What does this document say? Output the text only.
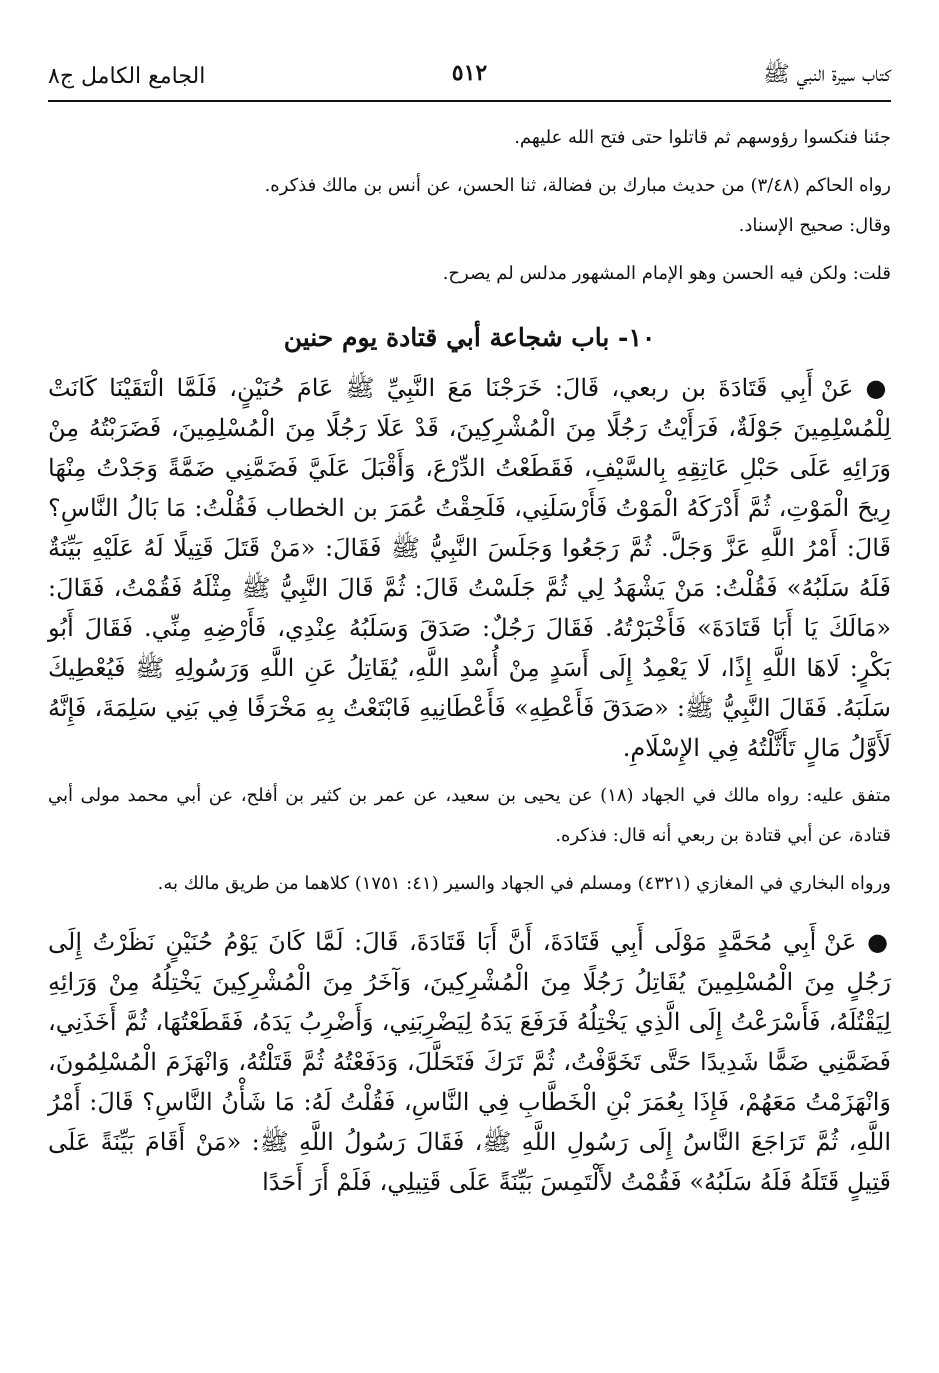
كتاب سيرة النبي ﷺ
٥١٢
الجامع الكامل ج٨

جئنا فنكسوا رؤوسهم ثم قاتلوا حتى فتح الله عليهم.

رواه الحاكم (٣/٤٨) من حديث مبارك بن فضالة، ثنا الحسن، عن أنس بن مالك فذكره.

وقال: صحيح الإسناد.

قلت: ولكن فيه الحسن وهو الإمام المشهور مدلس لم يصرح.

١٠- باب شجاعة أبي قتادة يوم حنين

● عَنْ أَبِي قَتَادَةَ بن ربعي، قَالَ: خَرَجْنَا مَعَ النَّبِيِّ ﷺ عَامَ حُنَيْنٍ، فَلَمَّا الْتَقَيْنَا كَانَتْ لِلْمُسْلِمِينَ جَوْلَةٌ، فَرَأَيْتُ رَجُلًا مِنَ الْمُشْرِكِينَ، قَدْ عَلَا رَجُلًا مِنَ الْمُسْلِمِينَ، فَضَرَبْتُهُ مِنْ وَرَائِهِ عَلَى حَبْلِ عَاتِقِهِ بِالسَّيْفِ، فَقَطَعْتُ الدِّرْعَ، وَأَقْبَلَ عَلَيَّ فَضَمَّنِي ضَمَّةً وَجَدْتُ مِنْهَا رِيحَ الْمَوْتِ، ثُمَّ أَدْرَكَهُ الْمَوْتُ فَأَرْسَلَنِي، فَلَحِقْتُ عُمَرَ بن الخطاب فَقُلْتُ: مَا بَالُ النَّاسِ؟ قَالَ: أَمْرُ اللَّهِ عَزَّ وَجَلَّ. ثُمَّ رَجَعُوا وَجَلَسَ النَّبِيُّ ﷺ فَقَالَ: «مَنْ قَتَلَ قَتِيلًا لَهُ عَلَيْهِ بَيِّنَةٌ فَلَهُ سَلَبُهُ» فَقُلْتُ: مَنْ يَشْهَدُ لِي ثُمَّ جَلَسْتُ قَالَ: ثُمَّ قَالَ النَّبِيُّ ﷺ مِثْلَهُ فَقُمْتُ، فَقَالَ: «مَالَكَ يَا أَبَا قَتَادَةَ» فَأَخْبَرْتُهُ. فَقَالَ رَجُلٌ: صَدَقَ وَسَلَبُهُ عِنْدِي، فَأَرْضِهِ مِنِّي. فَقَالَ أَبُو بَكْرٍ: لَاهَا اللَّهِ إِذًا، لَا يَعْمِدُ إِلَى أَسَدٍ مِنْ أُسْدِ اللَّهِ، يُقَاتِلُ عَنِ اللَّهِ وَرَسُولِهِ ﷺ فَيُعْطِيكَ سَلَبَهُ. فَقَالَ النَّبِيُّ ﷺ: «صَدَقَ فَأَعْطِهِ» فَأَعْطَانِيهِ فَابْتَعْتُ بِهِ مَخْرَفًا فِي بَنِي سَلِمَةَ، فَإِنَّهُ لَأَوَّلُ مَالٍ تَأَثَّلْتُهُ فِي الإِسْلَامِ.

متفق عليه: رواه مالك في الجهاد (١٨) عن يحيى بن سعيد، عن عمر بن كثير بن أفلح، عن أبي محمد مولى أبي قتادة، عن أبي قتادة بن ربعي أنه قال: فذكره.

ورواه البخاري في المغازي (٤٣٢١) ومسلم في الجهاد والسير (٤١: ١٧٥١) كلاهما من طريق مالك به.

● عَنْ أَبِي مُحَمَّدٍ مَوْلَى أَبِي قَتَادَةَ، أَنَّ أَبَا قَتَادَةَ، قَالَ: لَمَّا كَانَ يَوْمُ حُنَيْنٍ نَظَرْتُ إِلَى رَجُلٍ مِنَ الْمُسْلِمِينَ يُقَاتِلُ رَجُلًا مِنَ الْمُشْرِكِينَ، وَآخَرُ مِنَ الْمُشْرِكِينَ يَخْتِلُهُ مِنْ وَرَائِهِ لِيَقْتُلَهُ، فَأَسْرَعْتُ إِلَى الَّذِي يَخْتِلُهُ فَرَفَعَ يَدَهُ لِيَضْرِبَنِي، وَأَضْرِبُ يَدَهُ، فَقَطَعْتُهَا، ثُمَّ أَخَذَنِي، فَضَمَّنِي ضَمًّا شَدِيدًا حَتَّى تَخَوَّفْتُ، ثُمَّ تَرَكَ فَتَحَلَّلَ، وَدَفَعْتُهُ ثُمَّ قَتَلْتُهُ، وَانْهَزَمَ الْمُسْلِمُونَ، وَانْهَزَمْتُ مَعَهُمْ، فَإِذَا بِعُمَرَ بْنِ الْخَطَّابِ فِي النَّاسِ، فَقُلْتُ لَهُ: مَا شَأْنُ النَّاسِ؟ قَالَ: أَمْرُ اللَّهِ، ثُمَّ تَرَاجَعَ النَّاسُ إِلَى رَسُولِ اللَّهِ ﷺ، فَقَالَ رَسُولُ اللَّهِ ﷺ: «مَنْ أَقَامَ بَيِّنَةً عَلَى قَتِيلٍ قَتَلَهُ فَلَهُ سَلَبُهُ» فَقُمْتُ لأَلْتَمِسَ بَيِّنَةً عَلَى قَتِيلِي، فَلَمْ أَرَ أَحَدًا
